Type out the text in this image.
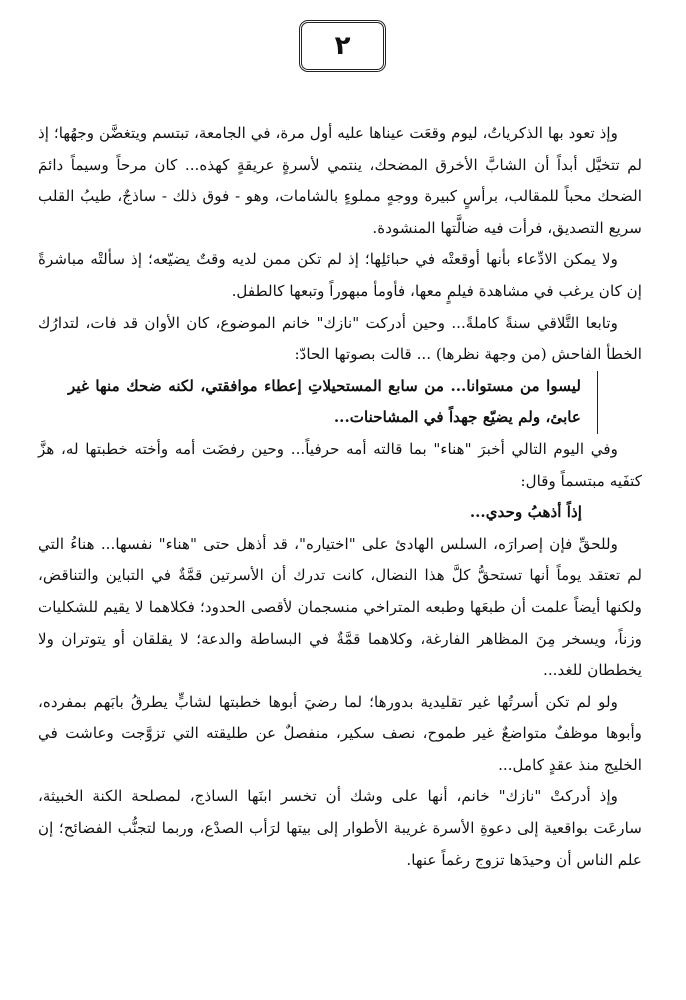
٢

وإذ تعود بها الذكرياتُ، ليوم وقعَت عيناها عليه أول مرة، في الجامعة، تبتسم ويتغضَّن وجهُها؛ إذ لم تتخيَّل أبداً أن الشابَّ الأخرق المضحك، ينتمي لأسرةٍ عريقةٍ كهذه... كان مرحاً وسيماً دائمَ الضحك محباً للمقالب، برأسٍ كبيرة ووجهٍ مملوءٍ بالشامات، وهو - فوق ذلك - ساذجٌ، طيبُ القلب سريع التصديق، فرأت فيه ضالَّتها المنشودة.

ولا يمكن الادِّعاء بأنها أوقعتْه في حبائلِها؛ إذ لم تكن ممن لديه وقتٌ يضيّعه؛ إذ سألتْه مباشرةً إن كان يرغب في مشاهدة فيلمٍ معها، فأومأ مبهوراً وتبعها كالطفل.

وتابعا التَّلاقي سنةً كاملةً... وحين أدركت "نازك" خانم الموضوع، كان الأوان قد فات، لتدارُك الخطأ الفاحش (من وجهة نظرها) ... قالت بصوتها الحادّ:

ليسوا من مستوانا... من سابع المستحيلاتِ إعطاء موافقتي، لكنه ضحك منها غير عابئ، ولم يضيّع جهداً في المشاحنات...

وفي اليوم التالي أخبرَ "هناء" بما قالته أمه حرفياً... وحين رفضَت أمه وأخته خطبتها له، هزَّ كتفَيه مبتسماً وقال:

إذاً أذهبُ وحدي...

وللحقِّ فإن إصرارَه، السلس الهادئ على "اختياره"، قد أذهل حتى "هناء" نفسها... هناءُ التي لم تعتقد يوماً أنها تستحقُّ كلَّ هذا النضال، كانت تدرك أن الأسرتين قمَّةٌ في التباين والتناقض، ولكنها أيضاً علمت أن طبعَها وطبعه المتراخي منسجمان لأقصى الحدود؛ فكلاهما لا يقيم للشكليات وزناً، ويسخر مِنَ المظاهر الفارغة، وكلاهما قمَّةٌ في البساطة والدعة؛ لا يقلقان أو يتوتران ولا يخططان للغد...

ولو لم تكن أسرتُها غير تقليدية بدورها؛ لما رضيَ أبوها خطبتها لشابٍّ يطرقُ بابَهم بمفرده، وأبوها موظفٌ متواضعٌ غير طموح، نصف سكير، منفصلٌ عن طليقته التي تزوَّجت وعاشت في الخليج منذ عقدٍ كامل...

وإذ أدركتْ "نازك" خانم، أنها على وشك أن تخسر ابنَها الساذج، لمصلحة الكنة الخبيثة، سارعَت بواقعية إلى دعوةِ الأسرة غريبة الأطوار إلى بيتها لرَأب الصدْع، وربما لتجنُّب الفضائح؛ إن علم الناس أن وحيدَها تزوج رغماً عنها.
